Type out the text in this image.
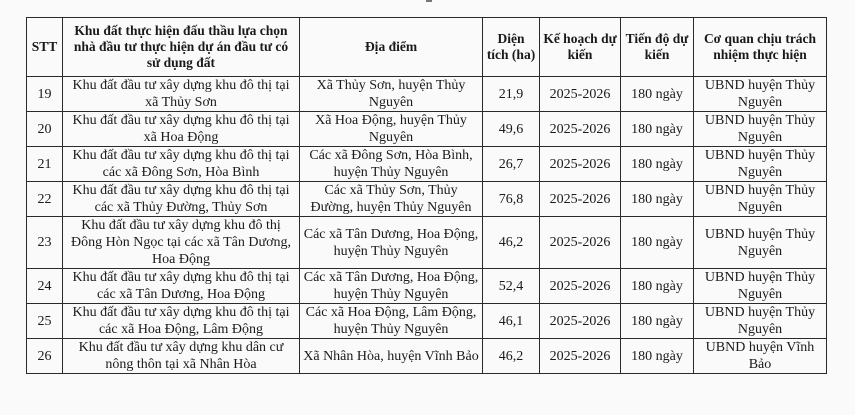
STT	Khu đất thực hiện đấu thầu lựa chọn nhà đầu tư thực hiện dự án đầu tư có sử dụng đất	Địa điểm	Diện tích (ha)	Kế hoạch dự kiến	Tiến độ dự kiến	Cơ quan chịu trách nhiệm thực hiện
19	Khu đất đầu tư xây dựng khu đô thị tại xã Thủy Sơn	Xã Thủy Sơn, huyện Thủy Nguyên	21,9	2025-2026	180 ngày	UBND huyện Thủy Nguyên
20	Khu đất đầu tư xây dựng khu đô thị tại xã Hoa Động	Xã Hoa Động, huyện Thủy Nguyên	49,6	2025-2026	180 ngày	UBND huyện Thủy Nguyên
21	Khu đất đầu tư xây dựng khu đô thị tại các xã Đông Sơn, Hòa Bình	Các xã Đông Sơn, Hòa Bình, huyện Thủy Nguyên	26,7	2025-2026	180 ngày	UBND huyện Thủy Nguyên
22	Khu đất đầu tư xây dựng khu đô thị tại các xã Thủy Đường, Thủy Sơn	Các xã Thủy Sơn, Thủy Đường, huyện Thủy Nguyên	76,8	2025-2026	180 ngày	UBND huyện Thủy Nguyên
23	Khu đất đầu tư xây dựng khu đô thị Đông Hòn Ngọc tại các xã Tân Dương, Hoa Động	Các xã Tân Dương, Hoa Động, huyện Thủy Nguyên	46,2	2025-2026	180 ngày	UBND huyện Thủy Nguyên
24	Khu đất đầu tư xây dựng khu đô thị tại các xã Tân Dương, Hoa Động	Các xã Tân Dương, Hoa Động, huyện Thủy Nguyên	52,4	2025-2026	180 ngày	UBND huyện Thủy Nguyên
25	Khu đất đầu tư xây dựng khu đô thị tại các xã Hoa Động, Lâm Động	Các xã Hoa Động, Lâm Động, huyện Thủy Nguyên	46,1	2025-2026	180 ngày	UBND huyện Thủy Nguyên
26	Khu đất đầu tư xây dựng khu dân cư nông thôn tại xã Nhân Hòa	Xã Nhân Hòa, huyện Vĩnh Bảo	46,2	2025-2026	180 ngày	UBND huyện Vĩnh Bảo
